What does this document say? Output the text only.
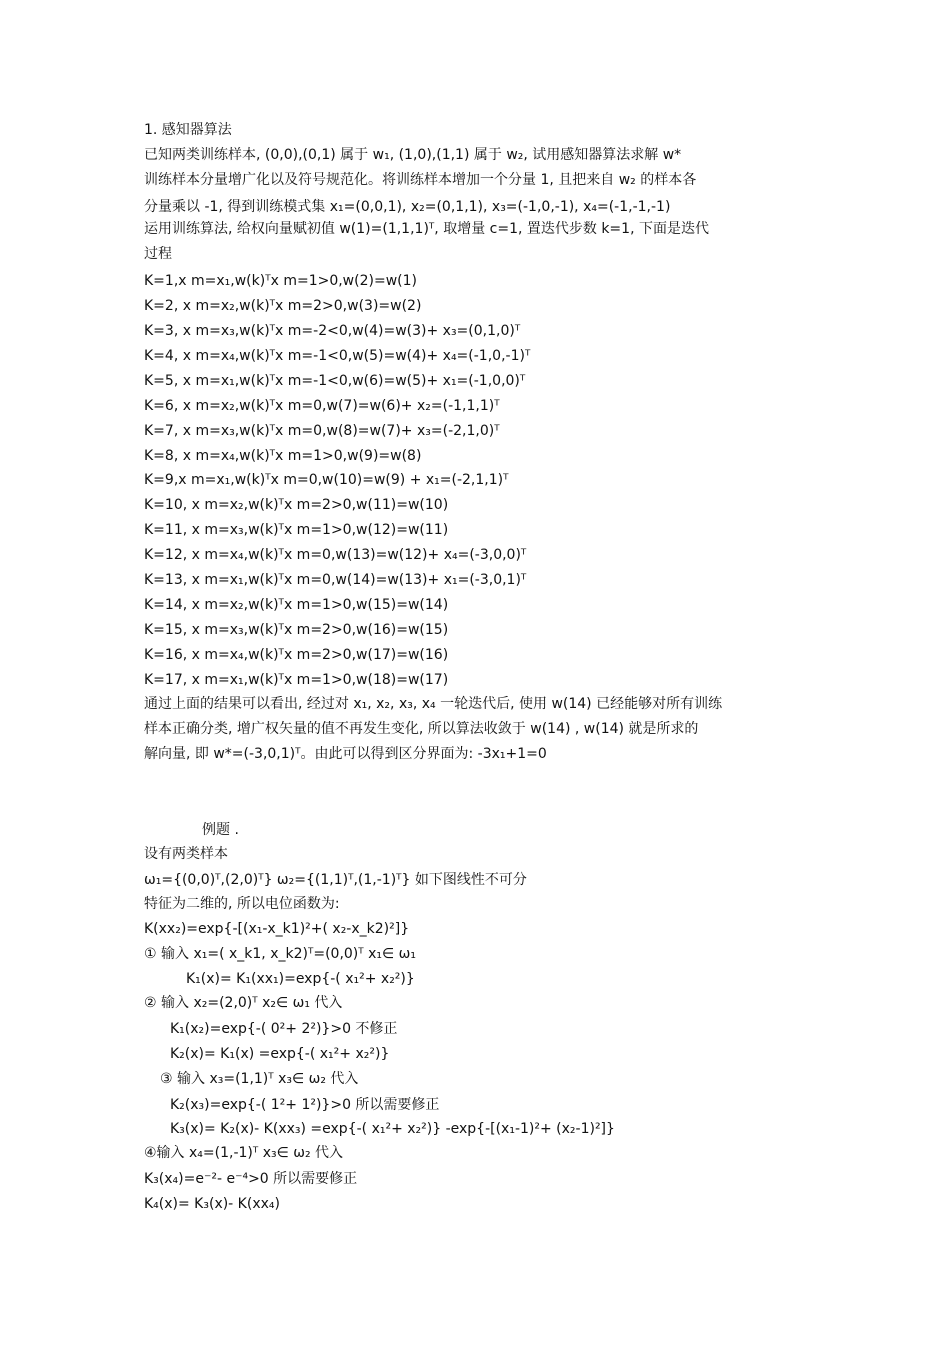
1. 感知器算法
已知两类训练样本, (0,0),(0,1) 属于 w₁, (1,0),(1,1) 属于 w₂, 试用感知器算法求解 w*
训练样本分量增广化以及符号规范化。将训练样本增加一个分量 1, 且把来自 w₂ 的样本各
分量乘以 -1, 得到训练模式集 x₁=(0,0,1), x₂=(0,1,1), x₃=(-1,0,-1), x₄=(-1,-1,-1)
运用训练算法, 给权向量赋初值 w(1)=(1,1,1)ᵀ, 取增量 c=1, 置迭代步数 k=1, 下面是迭代
过程
K=1,x m=x₁,w(k)ᵀx m=1>0,w(2)=w(1)
K=2, x m=x₂,w(k)ᵀx m=2>0,w(3)=w(2)
K=3, x m=x₃,w(k)ᵀx m=-2<0,w(4)=w(3)+ x₃=(0,1,0)ᵀ
K=4, x m=x₄,w(k)ᵀx m=-1<0,w(5)=w(4)+ x₄=(-1,0,-1)ᵀ
K=5, x m=x₁,w(k)ᵀx m=-1<0,w(6)=w(5)+ x₁=(-1,0,0)ᵀ
K=6, x m=x₂,w(k)ᵀx m=0,w(7)=w(6)+ x₂=(-1,1,1)ᵀ
K=7, x m=x₃,w(k)ᵀx m=0,w(8)=w(7)+ x₃=(-2,1,0)ᵀ
K=8, x m=x₄,w(k)ᵀx m=1>0,w(9)=w(8)
K=9,x m=x₁,w(k)ᵀx m=0,w(10)=w(9) + x₁=(-2,1,1)ᵀ
K=10, x m=x₂,w(k)ᵀx m=2>0,w(11)=w(10)
K=11, x m=x₃,w(k)ᵀx m=1>0,w(12)=w(11)
K=12, x m=x₄,w(k)ᵀx m=0,w(13)=w(12)+ x₄=(-3,0,0)ᵀ
K=13, x m=x₁,w(k)ᵀx m=0,w(14)=w(13)+ x₁=(-3,0,1)ᵀ
K=14, x m=x₂,w(k)ᵀx m=1>0,w(15)=w(14)
K=15, x m=x₃,w(k)ᵀx m=2>0,w(16)=w(15)
K=16, x m=x₄,w(k)ᵀx m=2>0,w(17)=w(16)
K=17, x m=x₁,w(k)ᵀx m=1>0,w(18)=w(17)
通过上面的结果可以看出, 经过对 x₁, x₂, x₃, x₄ 一轮迭代后, 使用 w(14) 已经能够对所有训练
样本正确分类, 增广权矢量的值不再发生变化, 所以算法收敛于 w(14) , w(14) 就是所求的
解向量, 即 w*=(-3,0,1)ᵀ。由此可以得到区分界面为: -3x₁+1=0
例题 .
设有两类样本
ω₁={(0,0)ᵀ,(2,0)ᵀ} ω₂={(1,1)ᵀ,(1,-1)ᵀ} 如下图线性不可分
特征为二维的, 所以电位函数为:
K(xx₂)=exp{-[(x₁-x_k1)²+( x₂-x_k2)²]}
① 输入 x₁=( x_k1, x_k2)ᵀ=(0,0)ᵀ x₁∈ ω₁
K₁(x)= K₁(xx₁)=exp{-( x₁²+ x₂²)}
② 输入 x₂=(2,0)ᵀ x₂∈ ω₁ 代入
K₁(x₂)=exp{-( 0²+ 2²)}>0 不修正
K₂(x)= K₁(x) =exp{-( x₁²+ x₂²)}
③ 输入 x₃=(1,1)ᵀ x₃∈ ω₂ 代入
K₂(x₃)=exp{-( 1²+ 1²)}>0 所以需要修正
K₃(x)= K₂(x)- K(xx₃) =exp{-( x₁²+ x₂²)} -exp{-[(x₁-1)²+ (x₂-1)²]}
④输入 x₄=(1,-1)ᵀ x₃∈ ω₂ 代入
K₃(x₄)=e⁻²- e⁻⁴>0 所以需要修正
K₄(x)= K₃(x)- K(xx₄)
